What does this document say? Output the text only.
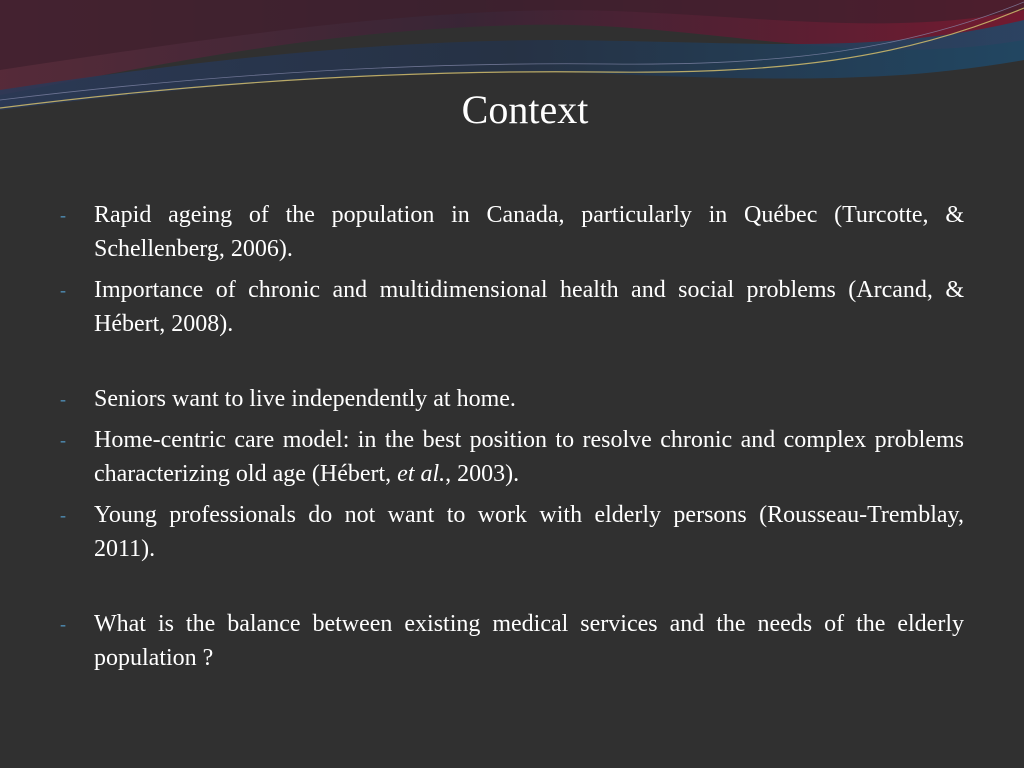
Context
- Rapid ageing of the population in Canada, particularly in Québec (Turcotte, & Schellenberg, 2006).
- Importance of chronic and multidimensional health and social problems (Arcand, & Hébert, 2008).
- Seniors want to live independently at home.
- Home-centric care model: in the best position to resolve chronic and complex problems characterizing old age (Hébert, et al., 2003).
- Young professionals do not want to work with elderly persons (Rousseau-Tremblay, 2011).
- What is the balance between existing medical services and the needs of the elderly population ?
